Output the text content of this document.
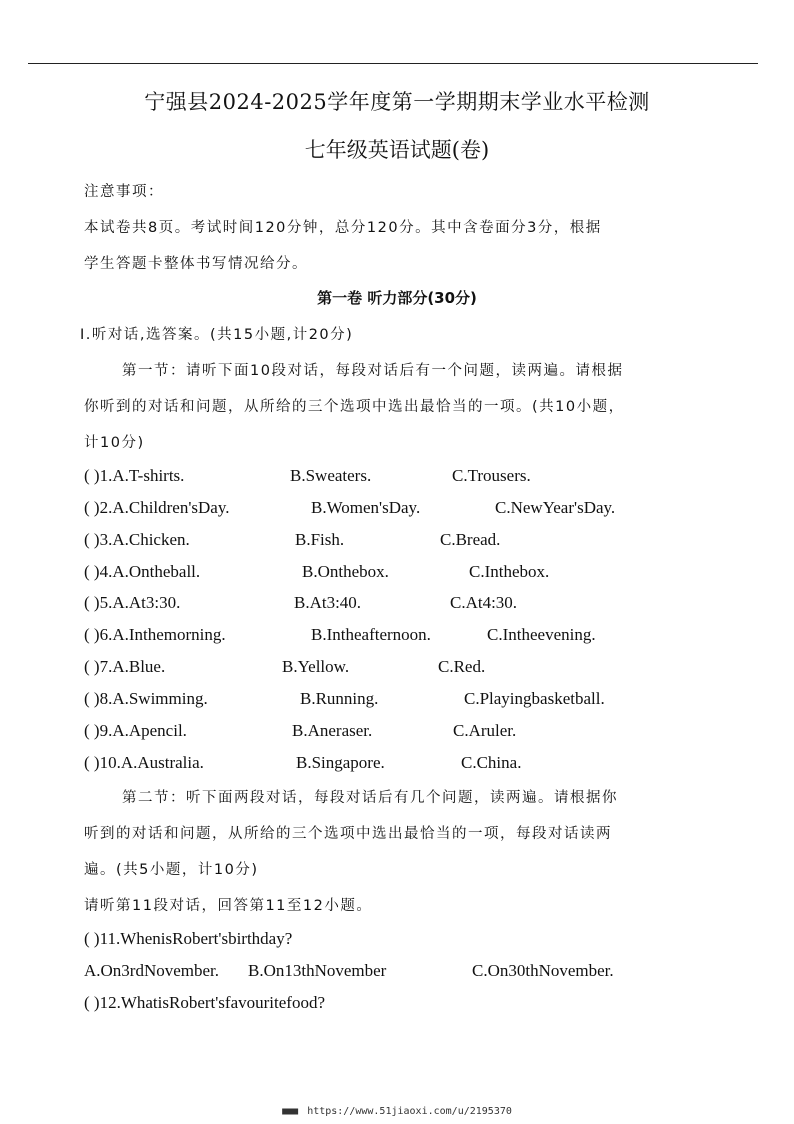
宁强县2024-2025学年度第一学期期末学业水平检测
七年级英语试题(卷)
注意事项：
本试卷共8页。考试时间120分钟，总分120分。其中含卷面分3分，根据
学生答题卡整体书写情况给分。
第一卷 听力部分(30分)
Ⅰ.听对话,选答案。(共15小题,计20分)
第一节：请听下面10段对话，每段对话后有一个问题，读两遍。请根据
你听到的对话和问题，从所给的三个选项中选出最恰当的一项。(共10小题，
计10分)
( )1.A.T-shirts.	B.Sweaters.	C.Trousers.
( )2.A.Children'sDay.	B.Women'sDay.	C.NewYear'sDay.
( )3.A.Chicken.	B.Fish.	C.Bread.
( )4.A.Ontheball.	B.Onthebox.	C.Inthebox.
( )5.A.At3:30.	B.At3:40.	C.At4:30.
( )6.A.Inthemorning.	B.Intheafternoon.	C.Intheevening.
( )7.A.Blue.	B.Yellow.	C.Red.
( )8.A.Swimming.	B.Running.	C.Playingbasketball.
( )9.A.Apencil.	B.Aneraser.	C.Aruler.
( )10.A.Australia.	B.Singapore.	C.China.
第二节：听下面两段对话，每段对话后有几个问题，读两遍。请根据你
听到的对话和问题，从所给的三个选项中选出最恰当的一项，每段对话读两
遍。(共5小题，计10分)
请听第11段对话，回答第11至12小题。
( )11.WhenisRobert'sbirthday?
A.On3rdNovember. B.On13thNovember	C.On30thNovember.
( )12.WhatisRobert'sfavouritefood?
■■■ https://www.51jiaoxi.com/u/2195370
